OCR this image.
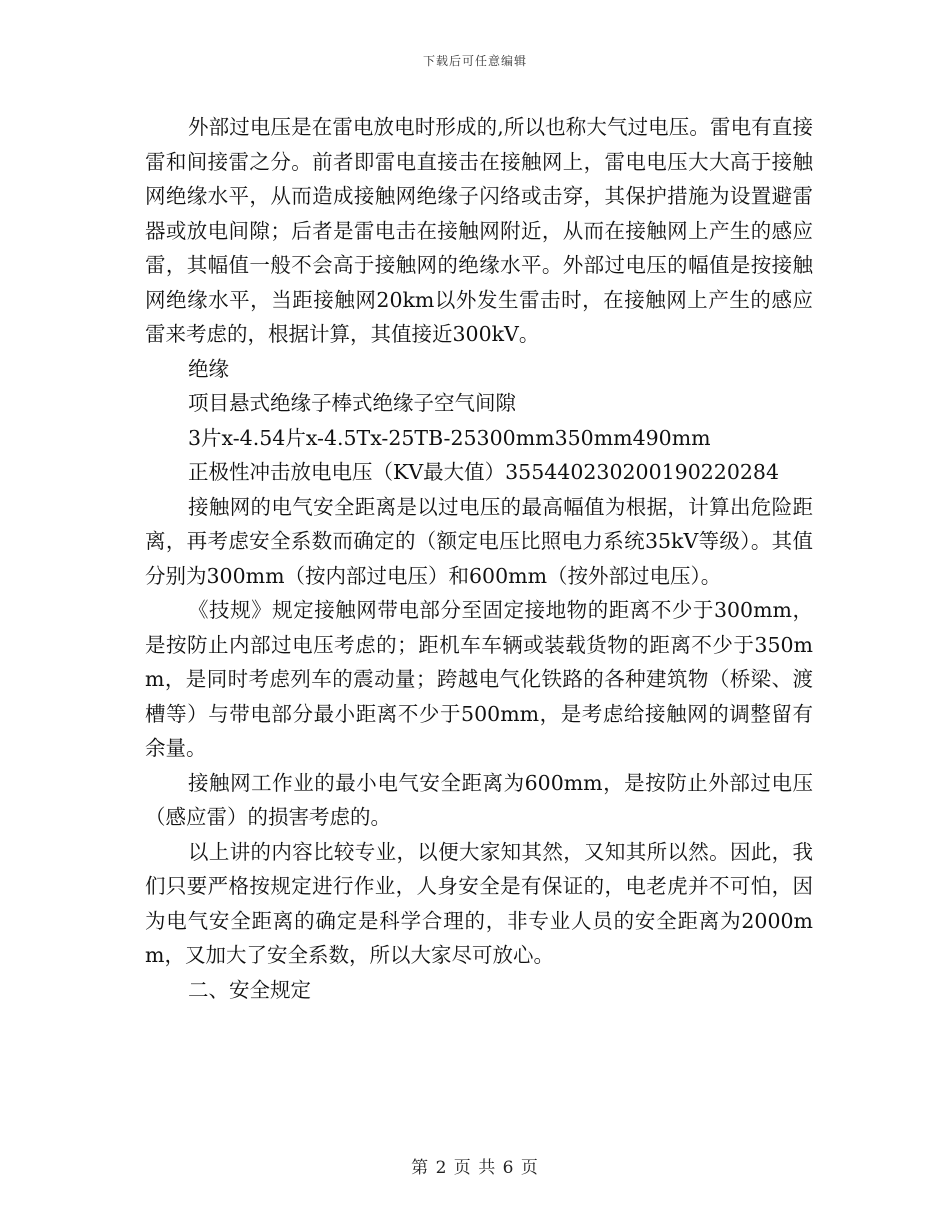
下载后可任意编辑

外部过电压是在雷电放电时形成的,所以也称大气过电压。雷电有直接雷和间接雷之分。前者即雷电直接击在接触网上，雷电电压大大高于接触网绝缘水平，从而造成接触网绝缘子闪络或击穿，其保护措施为设置避雷器或放电间隙；后者是雷电击在接触网附近，从而在接触网上产生的感应雷，其幅值一般不会高于接触网的绝缘水平。外部过电压的幅值是按接触网绝缘水平，当距接触网20km以外发生雷击时，在接触网上产生的感应雷来考虑的，根据计算，其值接近300kV。

绝缘

项目悬式绝缘子棒式绝缘子空气间隙

3片x-4.54片x-4.5Tx-25TB-25300mm350mm490mm

正极性冲击放电电压（KV最大值）355440230200190220284

接触网的电气安全距离是以过电压的最高幅值为根据，计算出危险距离，再考虑安全系数而确定的（额定电压比照电力系统35kV等级）。其值分别为300mm（按内部过电压）和600mm（按外部过电压）。

《技规》规定接触网带电部分至固定接地物的距离不少于300mm，是按防止内部过电压考虑的；距机车车辆或装载货物的距离不少于350mm，是同时考虑列车的震动量；跨越电气化铁路的各种建筑物（桥梁、渡槽等）与带电部分最小距离不少于500mm，是考虑给接触网的调整留有余量。

接触网工作业的最小电气安全距离为600mm，是按防止外部过电压（感应雷）的损害考虑的。

以上讲的内容比较专业，以便大家知其然，又知其所以然。因此，我们只要严格按规定进行作业，人身安全是有保证的，电老虎并不可怕，因为电气安全距离的确定是科学合理的，非专业人员的安全距离为2000mm，又加大了安全系数，所以大家尽可放心。

二、安全规定

第 2 页 共 6 页
